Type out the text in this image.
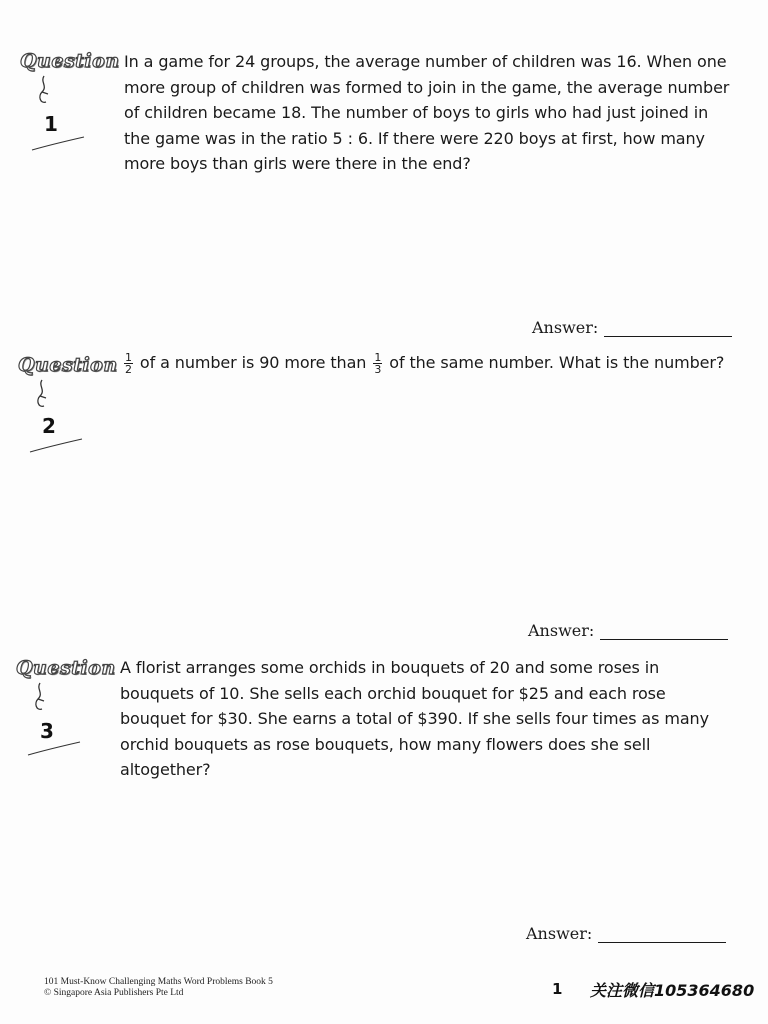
Question
1
In a game for 24 groups, the average number of children was 16. When one more group of children was formed to join in the game, the average number of children became 18. The number of boys to girls who had just joined in the game was in the ratio 5 : 6. If there were 220 boys at first, how many more boys than girls were there in the end?
Answer:
Question
2
$\frac{1}{2}$ of a number is 90 more than $\frac{1}{3}$ of the same number. What is the number?
Answer:
Question
3
A florist arranges some orchids in bouquets of 20 and some roses in bouquets of 10. She sells each orchid bouquet for $25 and each rose bouquet for $30. She earns a total of $390. If she sells four times as many orchid bouquets as rose bouquets, how many flowers does she sell altogether?
Answer:
101 Must-Know Challenging Maths Word Problems Book 5
© Singapore Asia Publishers Pte Ltd	1 关注微信105364680
